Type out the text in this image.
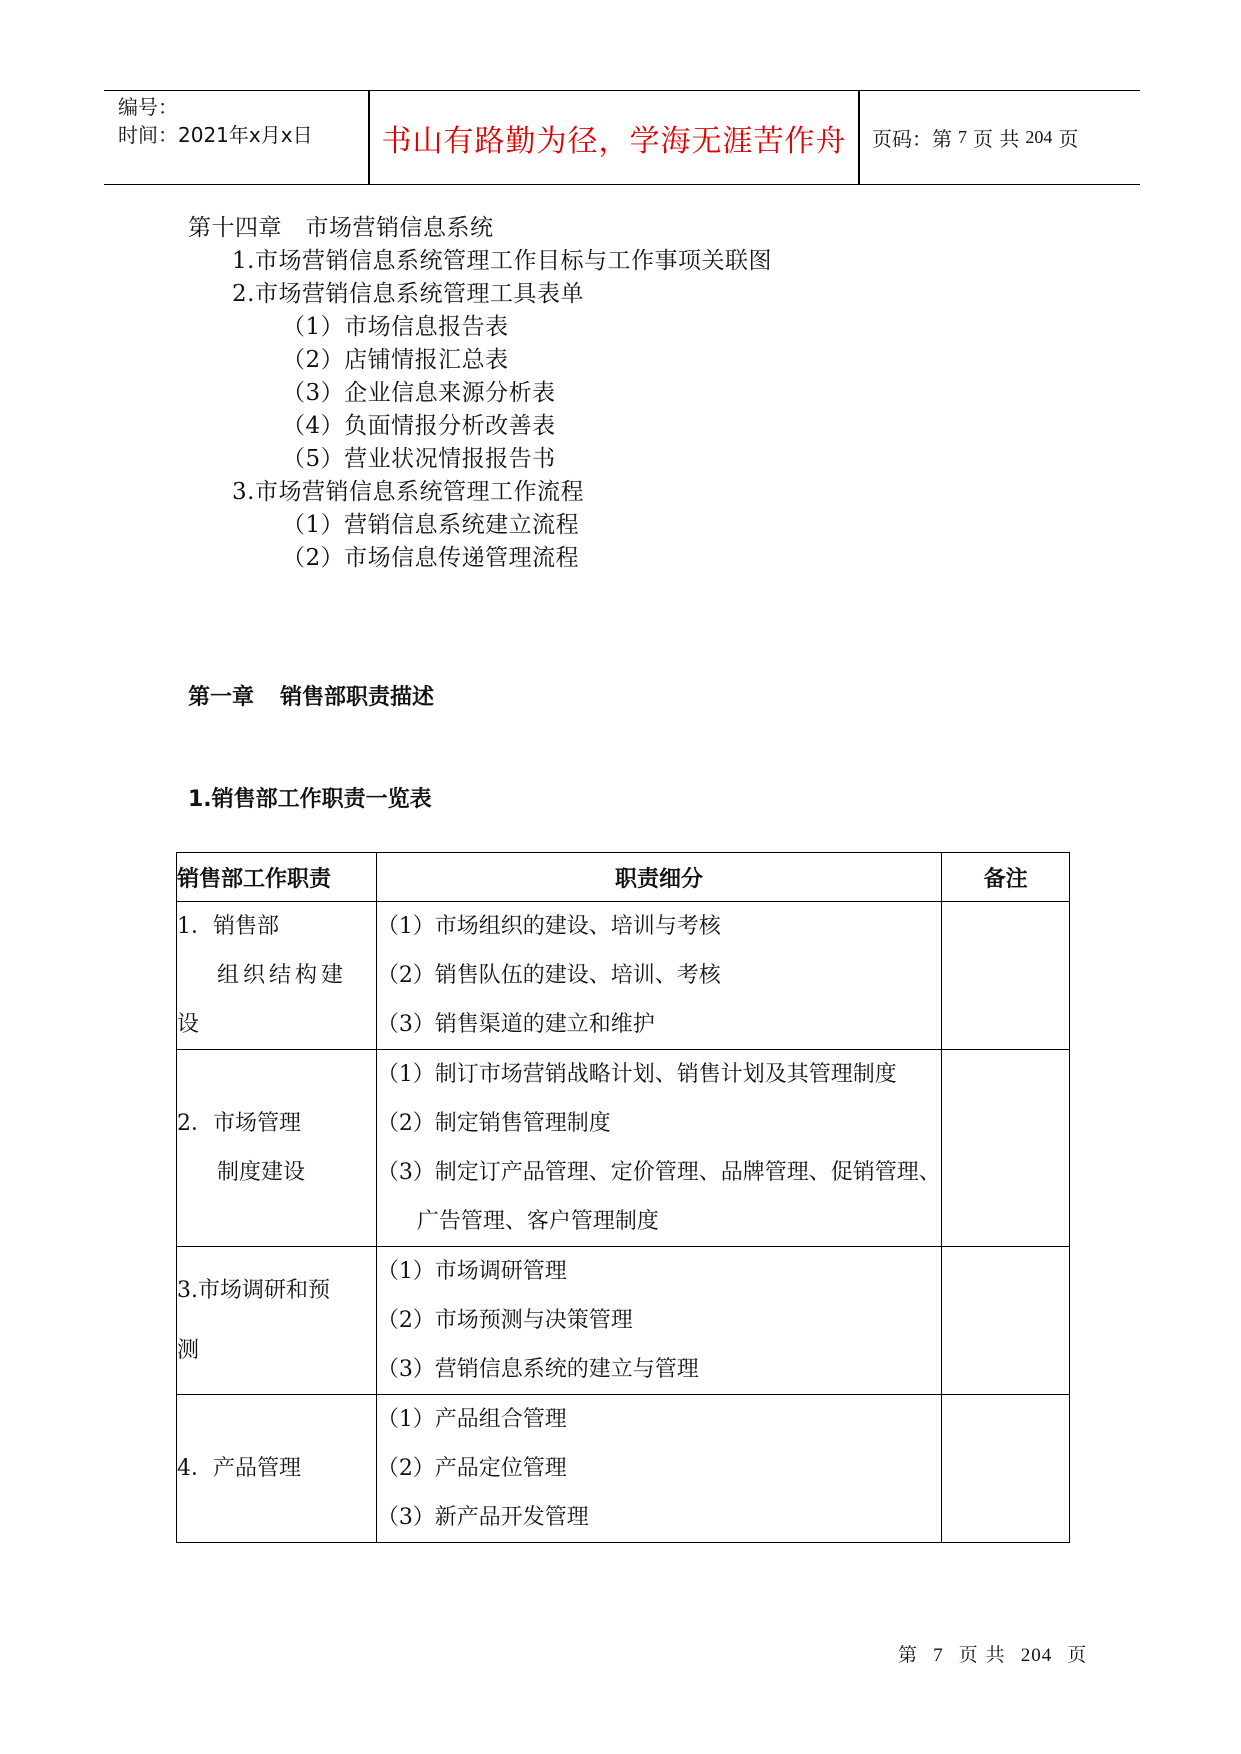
编号：
时间：2021年x月x日	书山有路勤为径，学海无涯苦作舟	页码：第 7 页 共 204 页
第十四章　市场营销信息系统
1.市场营销信息系统管理工作目标与工作事项关联图
2.市场营销信息系统管理工具表单
（1）市场信息报告表
（2）店铺情报汇总表
（3）企业信息来源分析表
（4）负面情报分析改善表
（5）营业状况情报报告书
3.市场营销信息系统管理工作流程
（1）营销信息系统建立流程
（2）市场信息传递管理流程
第一章 销售部职责描述
1.销售部工作职责一览表
销售部工作职责	职责细分	备注

1．销售部
组织结构建
设	（1）市场组织的建设、培训与考核
（2）销售队伍的建设、培训、考核
（3）销售渠道的建立和维护	

2．市场管理
制度建设	（1）制订市场营销战略计划、销售计划及其管理制度
（2）制定销售管理制度
（3）制定订产品管理、定价管理、品牌管理、促销管理、广告管理、客户管理制度	

3.市场调研和预
测	（1）市场调研管理
（2）市场预测与决策管理
（3）营销信息系统的建立与管理	

4．产品管理	（1）产品组合管理
（2）产品定位管理
（3）新产品开发管理	

第 7 页 共 204 页
